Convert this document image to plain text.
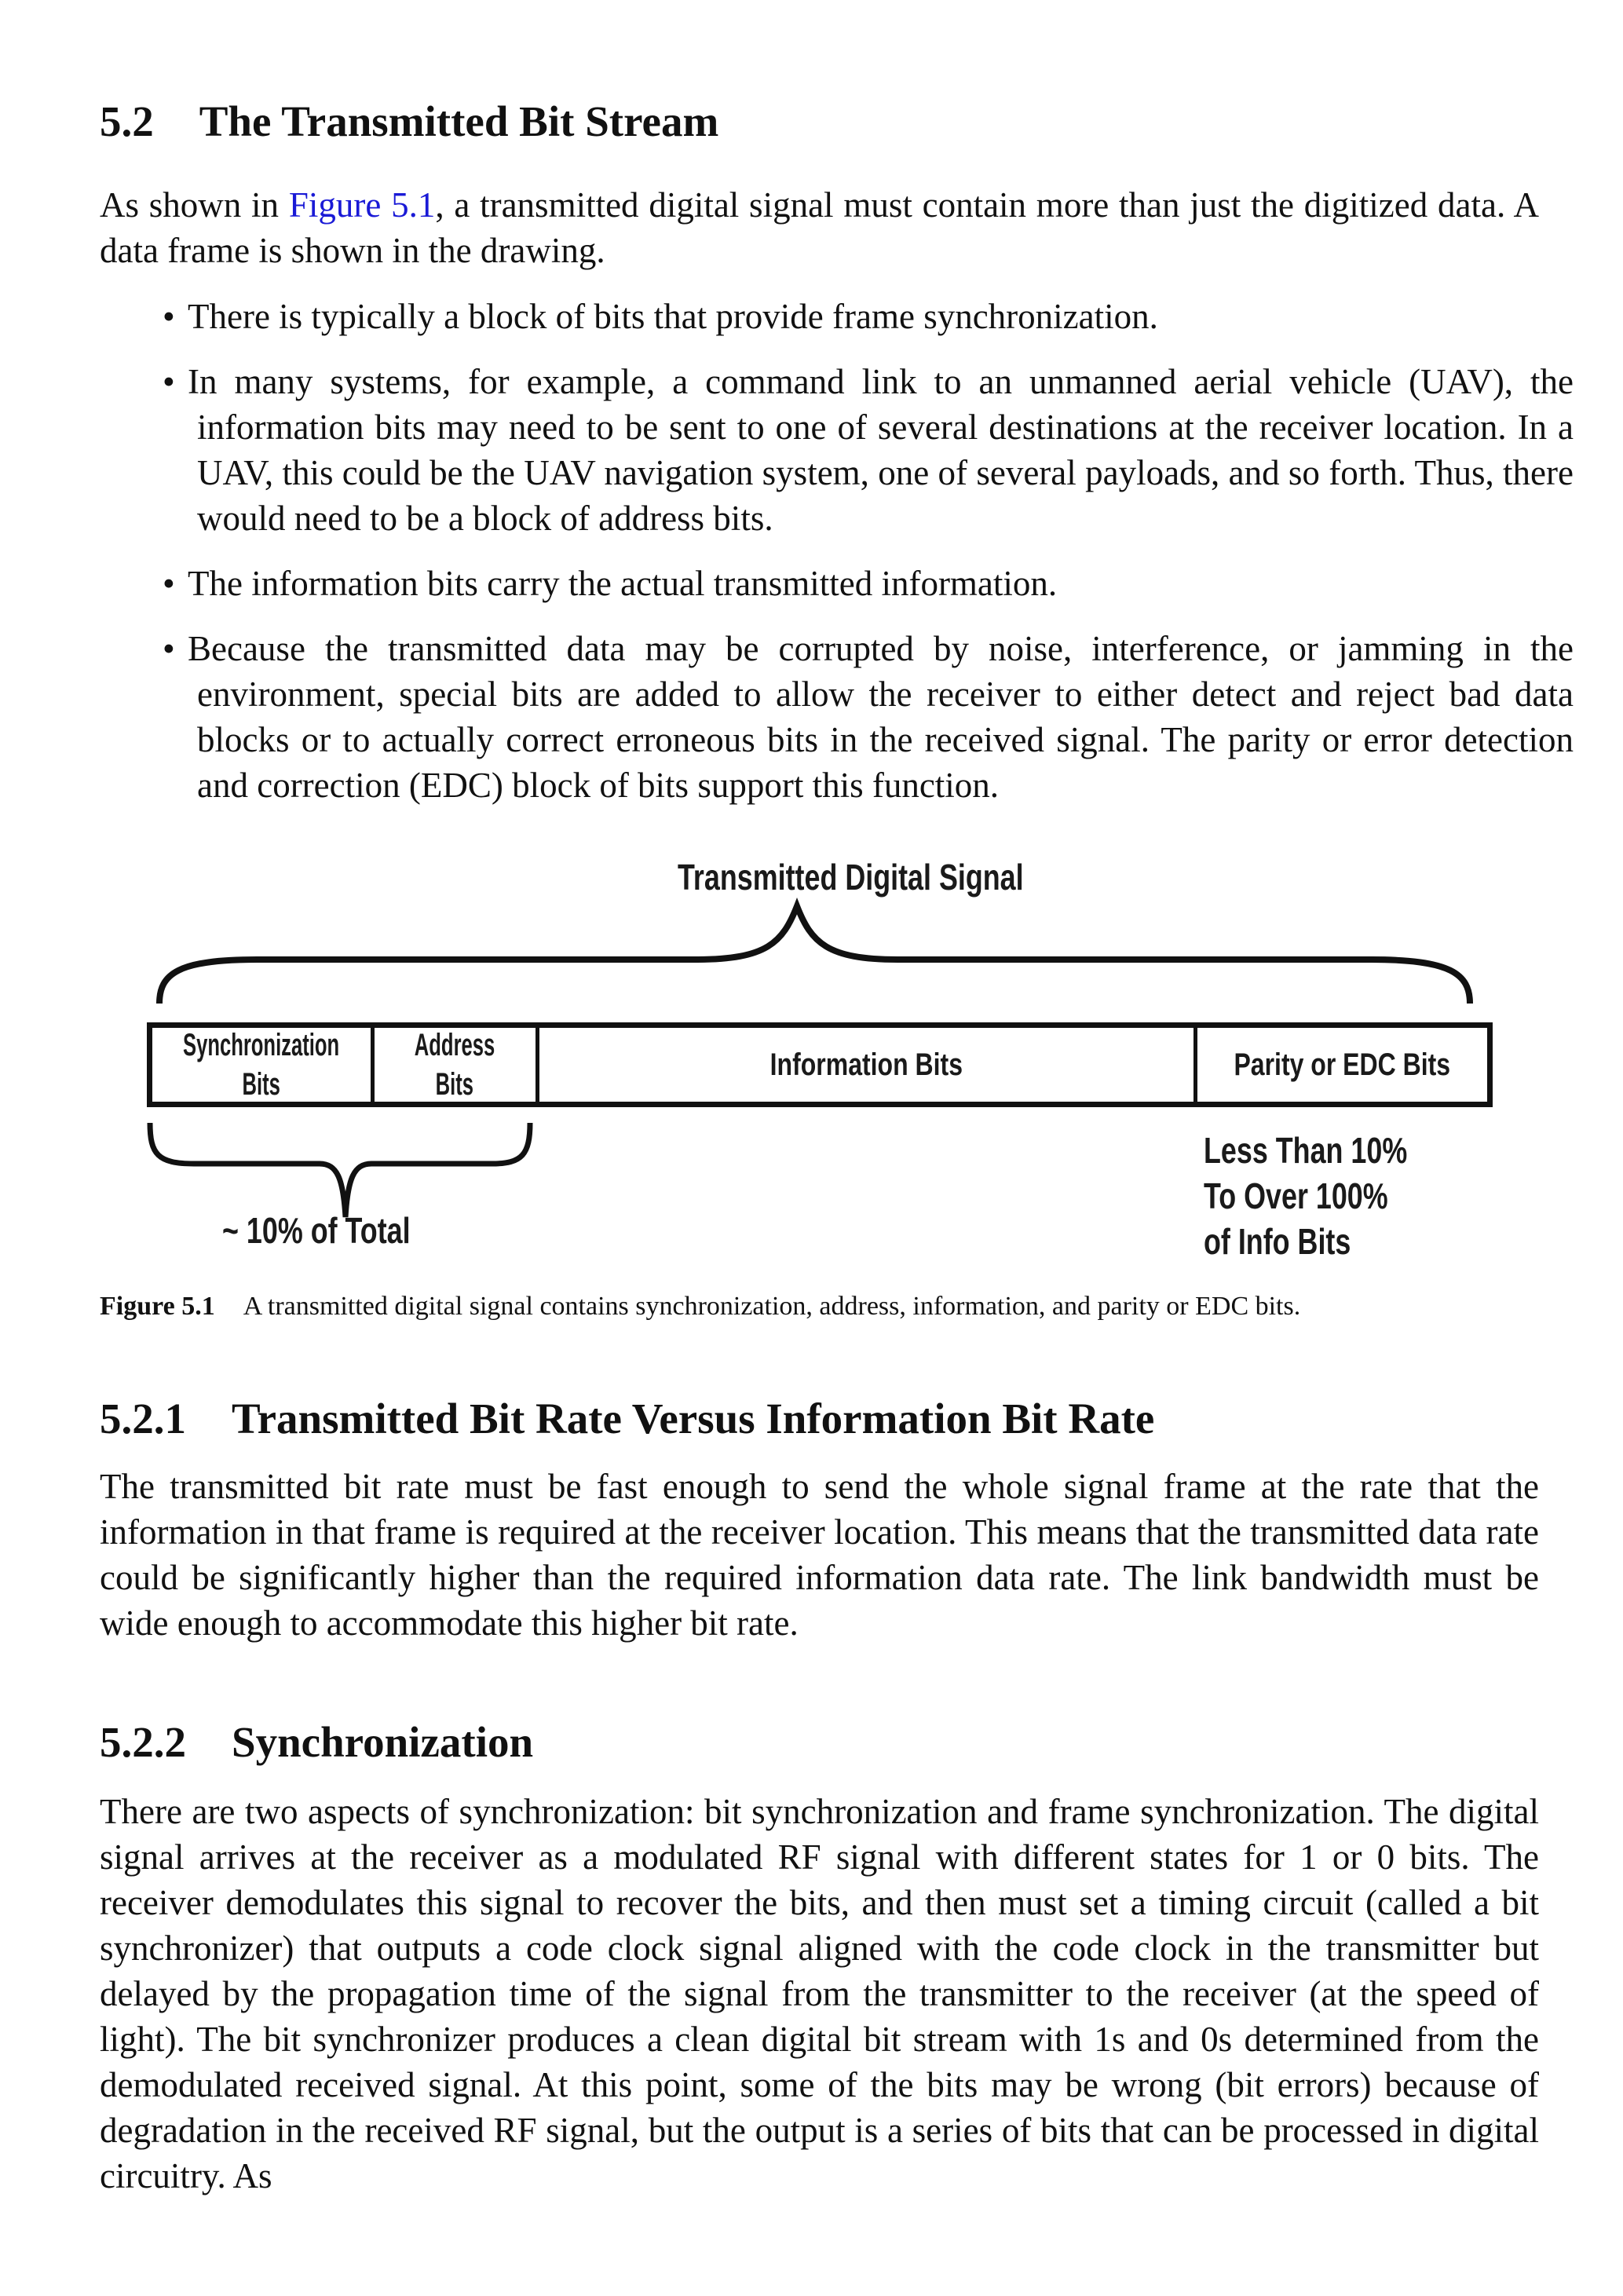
5.2 The Transmitted Bit Stream

As shown in Figure 5.1, a transmitted digital signal must contain more than just the digitized data. A data frame is shown in the drawing.

• There is typically a block of bits that provide frame synchronization.

• In many systems, for example, a command link to an unmanned aerial vehicle (UAV), the information bits may need to be sent to one of several destinations at the receiver location. In a UAV, this could be the UAV navigation system, one of several payloads, and so forth. Thus, there would need to be a block of address bits.

• The information bits carry the actual transmitted information.

• Because the transmitted data may be corrupted by noise, interference, or jamming in the environment, special bits are added to allow the receiver to either detect and reject bad data blocks or to actually correct erroneous bits in the received signal. The parity or error detection and correction (EDC) block of bits support this function.

Transmitted Digital Signal
Synchronization
Bits
Address
Bits
Information Bits	Parity or EDC Bits
~ 10% of Total
Less Than 10%
To Over 100%
of Info Bits
Figure 5.1 A transmitted digital signal contains synchronization, address, information, and parity or EDC bits.
5.2.1 Transmitted Bit Rate Versus Information Bit Rate

The transmitted bit rate must be fast enough to send the whole signal frame at the rate that the information in that frame is required at the receiver location. This means that the transmitted data rate could be significantly higher than the required information data rate. The link bandwidth must be wide enough to accommodate this higher bit rate.

5.2.2 Synchronization

There are two aspects of synchronization: bit synchronization and frame synchronization. The digital signal arrives at the receiver as a modulated RF signal with different states for 1 or 0 bits. The receiver demodulates this signal to recover the bits, and then must set a timing circuit (called a bit synchronizer) that outputs a code clock signal aligned with the code clock in the transmitter but delayed by the propagation time of the signal from the transmitter to the receiver (at the speed of light). The bit synchronizer produces a clean digital bit stream with 1s and 0s determined from the demodulated received signal. At this point, some of the bits may be wrong (bit errors) because of degradation in the received RF signal, but the output is a series of bits that can be processed in digital circuitry. As
